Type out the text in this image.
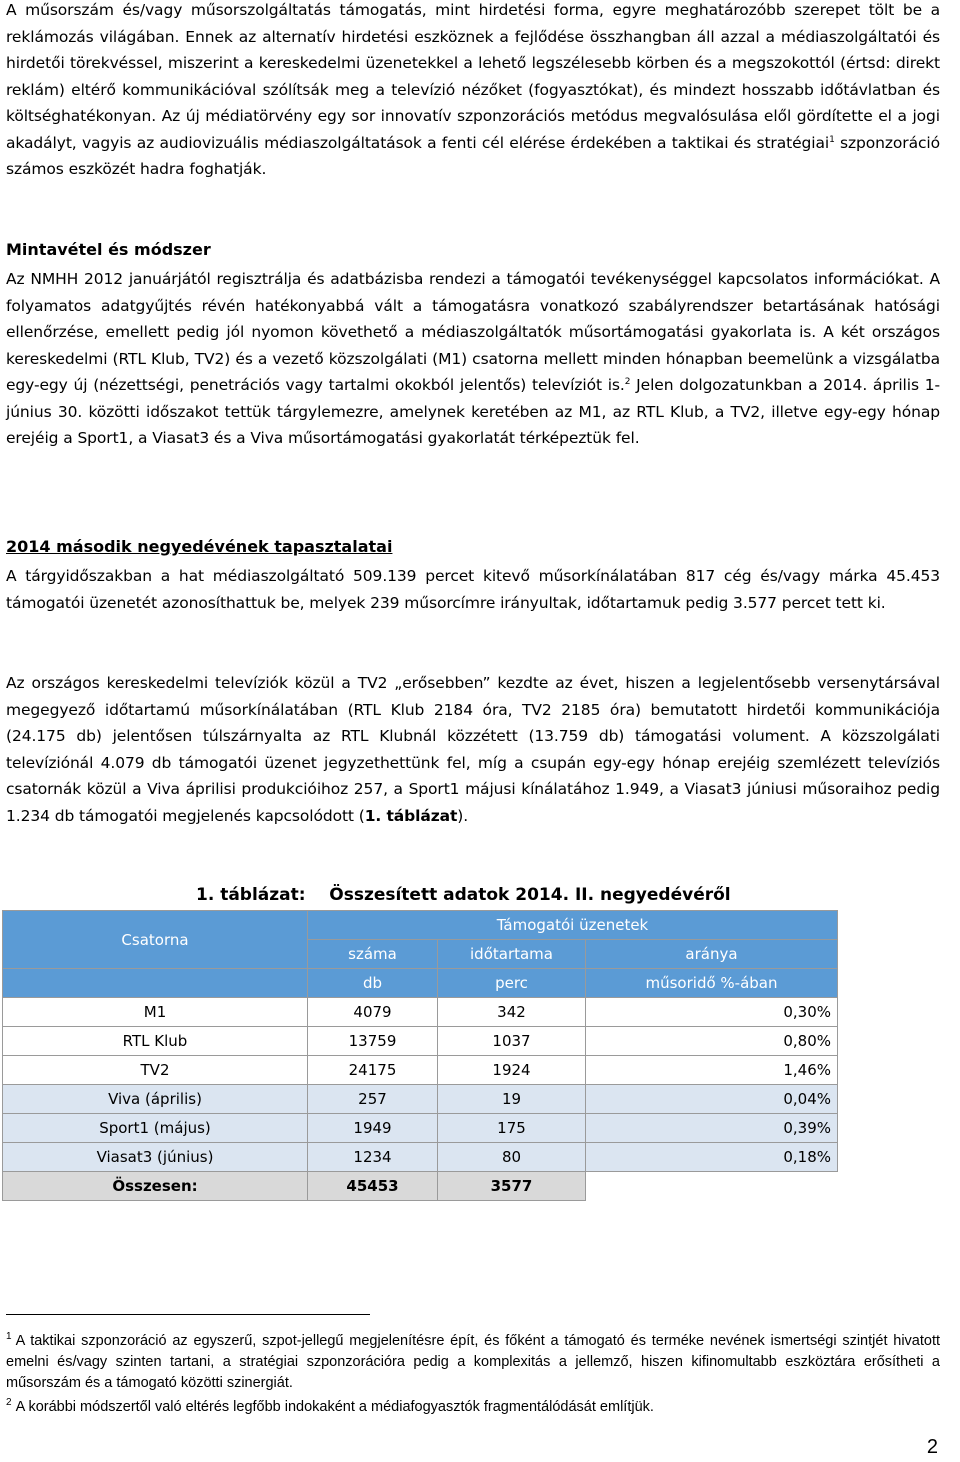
A műsorszám és/vagy műsorszolgáltatás támogatás, mint hirdetési forma, egyre meghatározóbb szerepet tölt be a reklámozás világában. Ennek az alternatív hirdetési eszköznek a fejlődése összhangban áll azzal a médiaszolgáltatói és hirdetői törekvéssel, miszerint a kereskedelmi üzenetekkel a lehető legszélesebb körben és a megszokottól (értsd: direkt reklám) eltérő kommunikációval szólítsák meg a televízió nézőket (fogyasztókat), és mindezt hosszabb időtávlatban és költséghatékonyan. Az új médiatörvény egy sor innovatív szponzorációs metódus megvalósulása elől gördítette el a jogi akadályt, vagyis az audiovizuális médiaszolgáltatások a fenti cél elérése érdekében a taktikai és stratégiai$^1$ szponzoráció számos eszközét hadra foghatják.

Mintavétel és módszer

Az NMHH 2012 januárjától regisztrálja és adatbázisba rendezi a támogatói tevékenységgel kapcsolatos információkat. A folyamatos adatgyűjtés révén hatékonyabbá vált a támogatásra vonatkozó szabályrendszer betartásának hatósági ellenőrzése, emellett pedig jól nyomon követhető a médiaszolgáltatók műsortámogatási gyakorlata is. A két országos kereskedelmi (RTL Klub, TV2) és a vezető közszolgálati (M1) csatorna mellett minden hónapban beemelünk a vizsgálatba egy-egy új (nézettségi, penetrációs vagy tartalmi okokból jelentős) televíziót is.$^2$ Jelen dolgozatunkban a 2014. április 1-június 30. közötti időszakot tettük tárgylemezre, amelynek keretében az M1, az RTL Klub, a TV2, illetve egy-egy hónap erejéig a Sport1, a Viasat3 és a Viva műsortámogatási gyakorlatát térképeztük fel.

2014 második negyedévének tapasztalatai

A tárgyidőszakban a hat médiaszolgáltató 509.139 percet kitevő műsorkínálatában 817 cég és/vagy márka 45.453 támogatói üzenetét azonosíthattuk be, melyek 239 műsorcímre irányultak, időtartamuk pedig 3.577 percet tett ki.

Az országos kereskedelmi televíziók közül a TV2 „erősebben” kezdte az évet, hiszen a legjelentősebb versenytársával megegyező időtartamú műsorkínálatában (RTL Klub 2184 óra, TV2 2185 óra) bemutatott hirdetői kommunikációja (24.175 db) jelentősen túlszárnyalta az RTL Klubnál közzétett (13.759 db) támogatási volument. A közszolgálati televíziónál 4.079 db támogatói üzenet jegyzethettünk fel, míg a csupán egy-egy hónap erejéig szemlézett televíziós csatornák közül a Viva áprilisi produkcióihoz 257, a Sport1 májusi kínálatához 1.949, a Viasat3 júniusi műsoraihoz pedig 1.234 db támogatói megjelenés kapcsolódott (1. táblázat).

1. táblázat: Összesített adatok 2014. II. negyedévéről
Csatorna	Támogatói üzenetek		
	száma	időtartama	aránya
	db	perc	műsoridő %-ában
M1	4079	342	0,30%
RTL Klub	13759	1037	0,80%
TV2	24175	1924	1,46%
Viva (április)	257	19	0,04%
Sport1 (május)	1949	175	0,39%
Viasat3 (június)	1234	80	0,18%
Összesen:	45453	3577	
$^1$ A taktikai szponzoráció az egyszerű, szpot-jellegű megjelenítésre épít, és főként a támogató és terméke nevének ismertségi szintjét hivatott emelni és/vagy szinten tartani, a stratégiai szponzorációra pedig a komplexitás a jellemző, hiszen kifinomultabb eszköztára erősítheti a műsorszám és a támogató közötti szinergiát.
$^2$ A korábbi módszertől való eltérés legfőbb indokaként a médiafogyasztók fragmentálódását említjük.
2
